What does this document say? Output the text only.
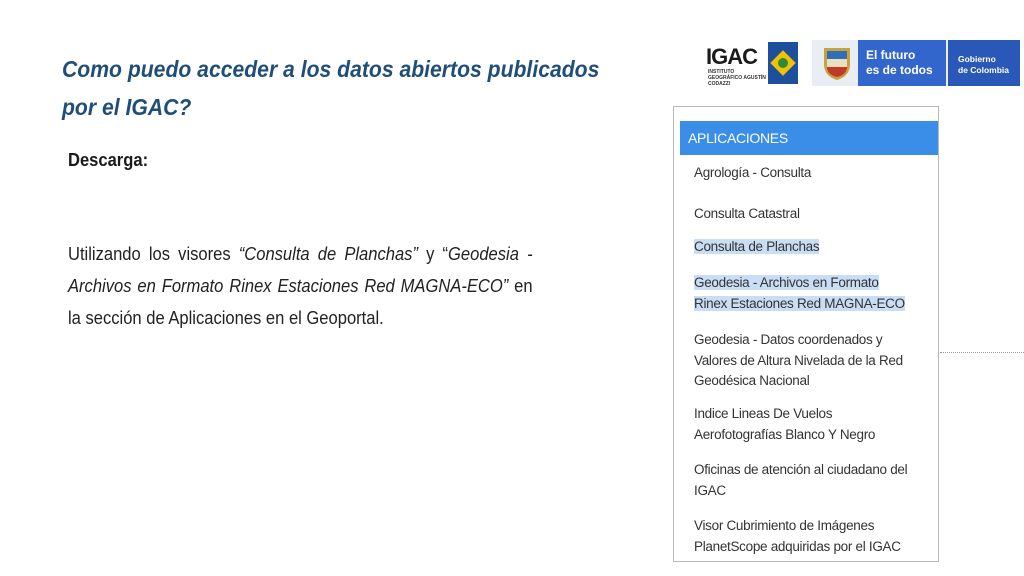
Como puedo acceder a los datos abiertos publicados por el IGAC?
Descarga:
Utilizando los visores “Consulta de Planchas” y “Geodesia - Archivos en Formato Rinex Estaciones Red MAGNA-ECO” en la sección de Aplicaciones en el Geoportal.
IGAC
INSTITUTO GEOGRÁFICO AGUSTÍN CODAZZI
El futuro
es de todos
Gobierno
de Colombia
APLICACIONES
Agrología - Consulta
Consulta Catastral
Consulta de Planchas
Geodesia - Archivos en Formato
Rinex Estaciones Red MAGNA-ECO
Geodesia - Datos coordenados y
Valores de Altura Nivelada de la Red
Geodésica Nacional
Indice Lineas De Vuelos
Aerofotografías Blanco Y Negro
Oficinas de atención al ciudadano del
IGAC
Visor Cubrimiento de Imágenes
PlanetScope adquiridas por el IGAC
